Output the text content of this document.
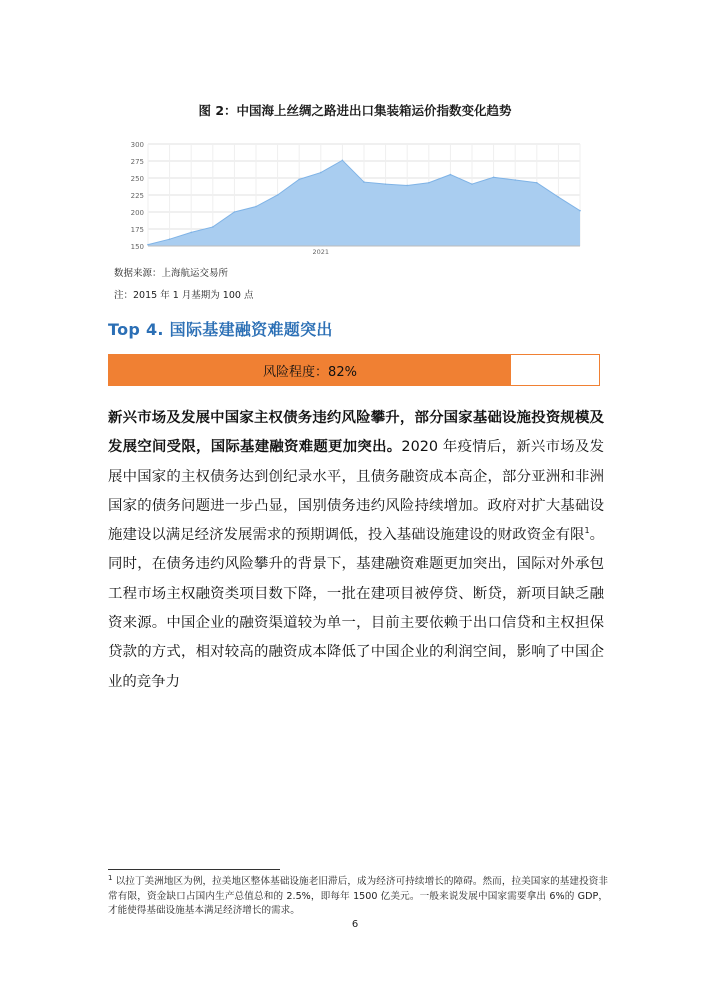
图 2：中国海上丝绸之路进出口集装箱运价指数变化趋势
150
175
200
225
250
275
300
2021
数据来源：上海航运交易所
注：2015 年 1 月基期为 100 点
Top 4. 国际基建融资难题突出
风险程度：82%
新兴市场及发展中国家主权债务违约风险攀升，部分国家基础设施投资规模及发展空间受限，国际基建融资难题更加突出。2020 年疫情后，新兴市场及发展中国家的主权债务达到创纪录水平，且债务融资成本高企，部分亚洲和非洲国家的债务问题进一步凸显，国别债务违约风险持续增加。政府对扩大基础设施建设以满足经济发展需求的预期调低，投入基础设施建设的财政资金有限$^1$。同时，在债务违约风险攀升的背景下，基建融资难题更加突出，国际对外承包工程市场主权融资类项目数下降，一批在建项目被停贷、断贷，新项目缺乏融资来源。中国企业的融资渠道较为单一，目前主要依赖于出口信贷和主权担保贷款的方式，相对较高的融资成本降低了中国企业的利润空间，影响了中国企业的竞争力
$^1$ 以拉丁美洲地区为例，拉美地区整体基础设施老旧滞后，成为经济可持续增长的障碍。然而，拉美国家的基建投资非常有限，资金缺口占国内生产总值总和的 2.5%，即每年 1500 亿美元。一般来说发展中国家需要拿出 6%的 GDP，才能使得基础设施基本满足经济增长的需求。
6
